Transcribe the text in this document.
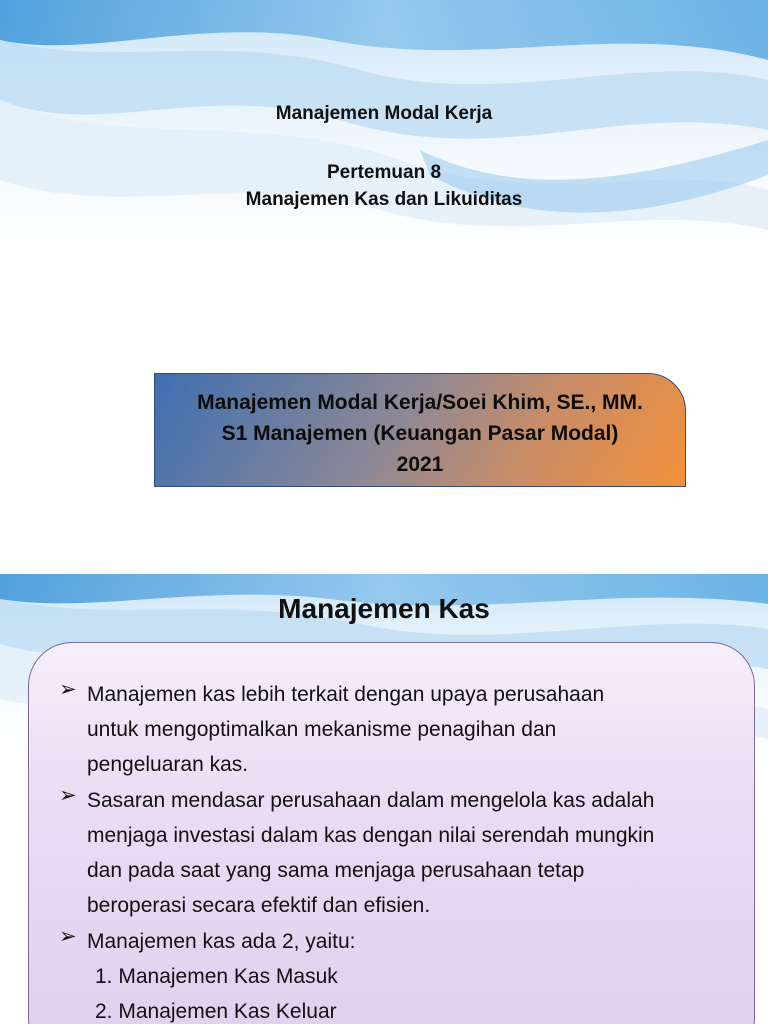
Manajemen Modal Kerja
Pertemuan 8
Manajemen Kas dan Likuiditas
Manajemen Modal Kerja/Soei Khim, SE., MM.
S1 Manajemen (Keuangan Pasar Modal)
2021
Manajemen Kas
➢ Manajemen kas lebih terkait dengan upaya perusahaan
untuk mengoptimalkan mekanisme penagihan dan
pengeluaran kas.
➢ Sasaran mendasar perusahaan dalam mengelola kas adalah
menjaga investasi dalam kas dengan nilai serendah mungkin
dan pada saat yang sama menjaga perusahaan tetap
beroperasi secara efektif dan efisien.
➢ Manajemen kas ada 2, yaitu:
1. Manajemen Kas Masuk
2. Manajemen Kas Keluar
